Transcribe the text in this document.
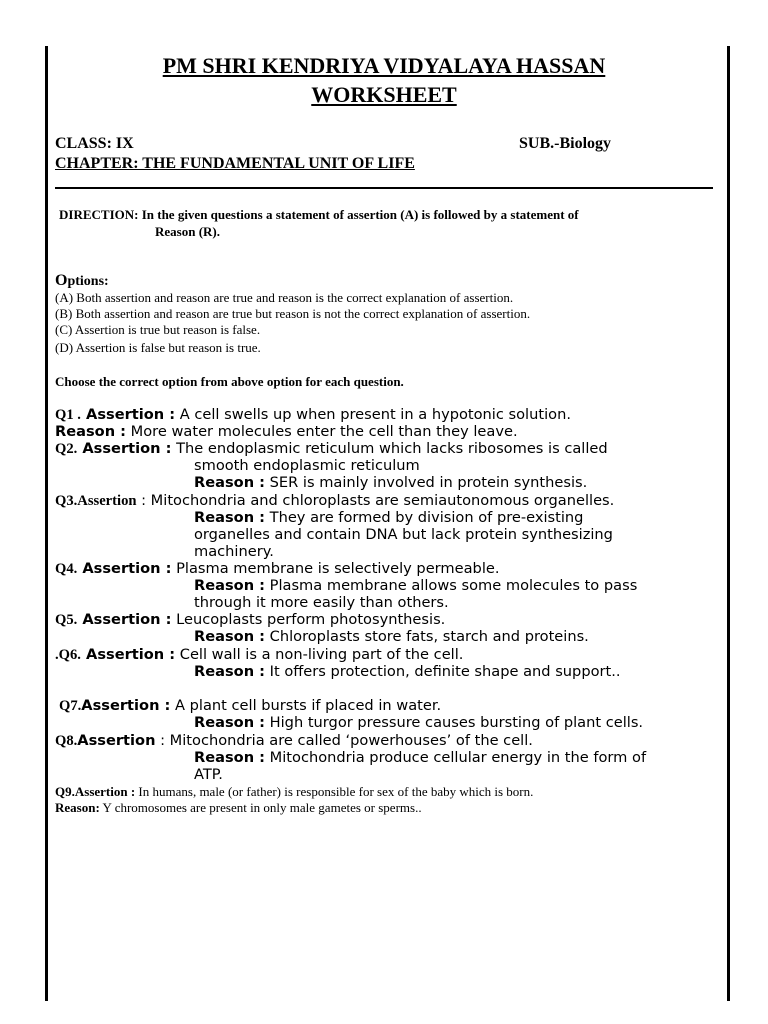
PM SHRI KENDRIYA VIDYALAYA HASSAN
WORKSHEET
CLASS: IX	SUB.-Biology
CHAPTER: THE FUNDAMENTAL UNIT OF LIFE
DIRECTION: In the given questions a statement of assertion (A) is followed by a statement of
Reason (R).
Options:
(A) Both assertion and reason are true and reason is the correct explanation of assertion.
(B) Both assertion and reason are true but reason is not the correct explanation of assertion.
(C) Assertion is true but reason is false.
(D) Assertion is false but reason is true.
Choose the correct option from above option for each question.
Q1 . Assertion : A cell swells up when present in a hypotonic solution.
Reason : More water molecules enter the cell than they leave.
Q2. Assertion : The endoplasmic reticulum which lacks ribosomes is called
smooth endoplasmic reticulum
Reason : SER is mainly involved in protein synthesis.
Q3.Assertion : Mitochondria and chloroplasts are semiautonomous organelles.
Reason : They are formed by division of pre-existing
organelles and contain DNA but lack protein synthesizing
machinery.
Q4. Assertion : Plasma membrane is selectively permeable.
Reason : Plasma membrane allows some molecules to pass
through it more easily than others.
Q5. Assertion : Leucoplasts perform photosynthesis.
Reason : Chloroplasts store fats, starch and proteins.
.Q6. Assertion : Cell wall is a non-living part of the cell.
Reason : It offers protection, definite shape and support..
Q7.Assertion : A plant cell bursts if placed in water.
Reason : High turgor pressure causes bursting of plant cells.
Q8.Assertion : Mitochondria are called ‘powerhouses’ of the cell.
Reason : Mitochondria produce cellular energy in the form of
ATP.
Q9.Assertion : In humans, male (or father) is responsible for sex of the baby which is born.
Reason: Y chromosomes are present in only male gametes or sperms..
